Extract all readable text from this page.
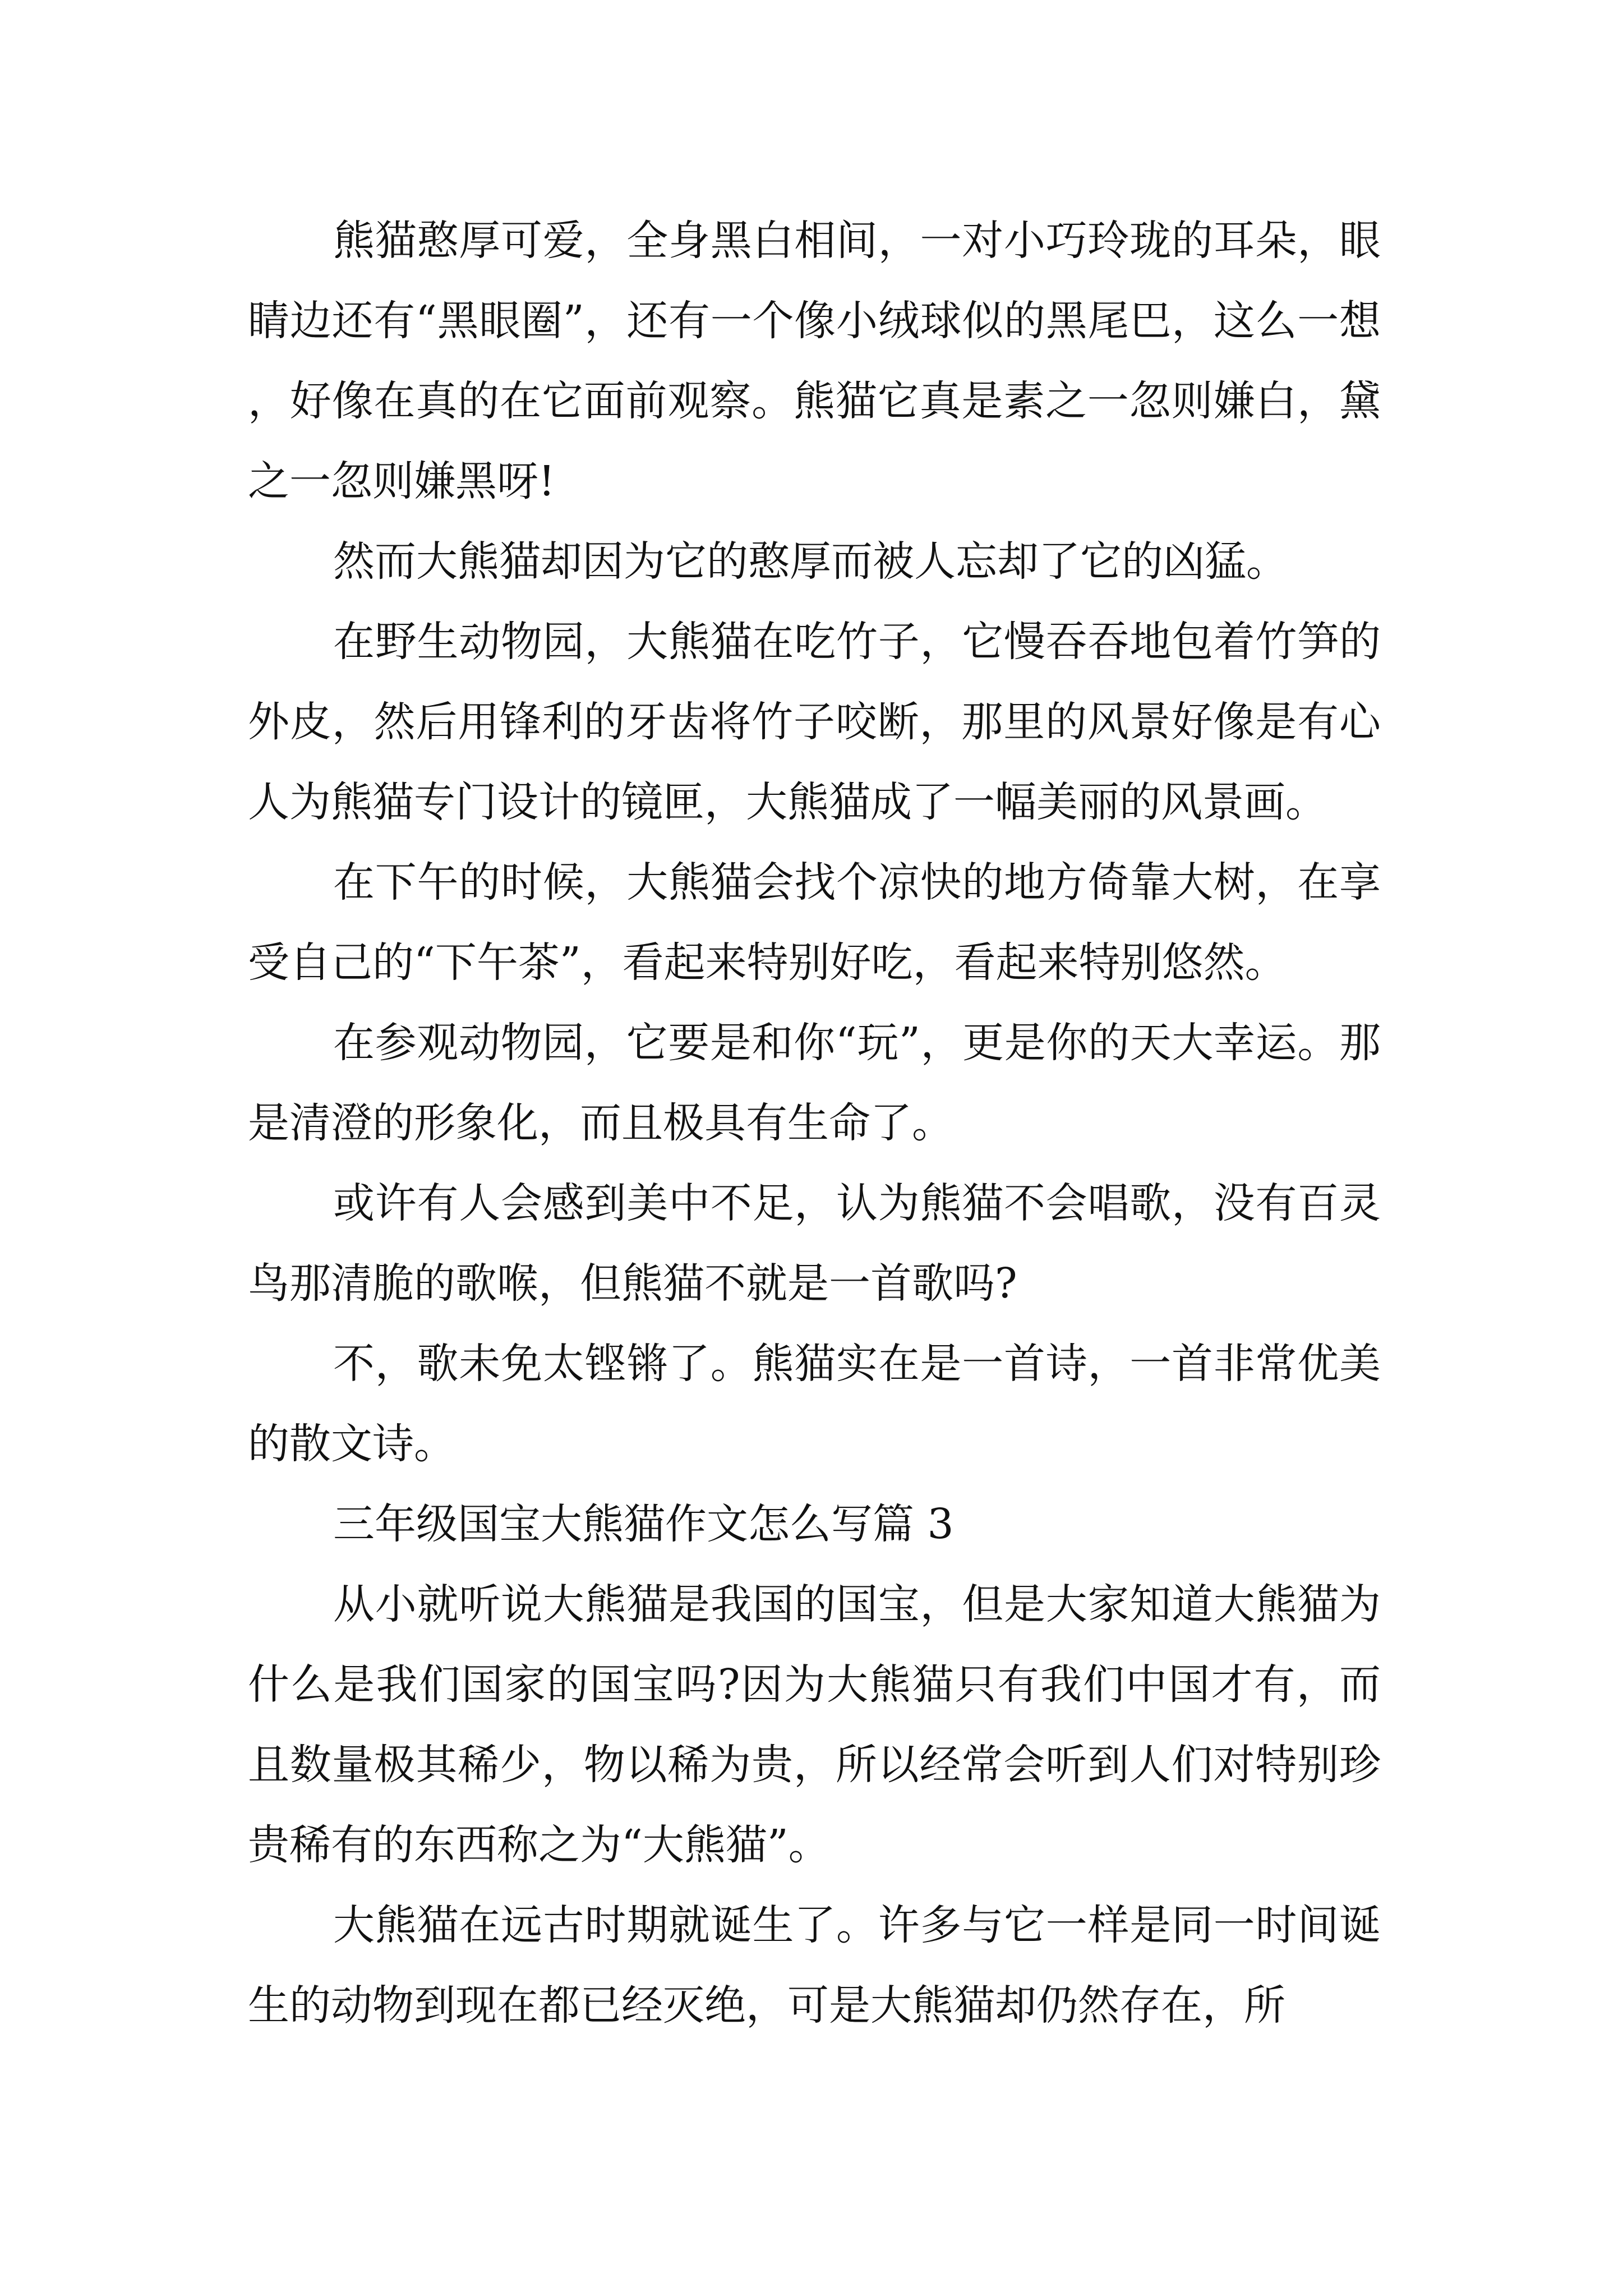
熊猫憨厚可爱，全身黑白相间，一对小巧玲珑的耳朵，眼睛边还有“黑眼圈”，还有一个像小绒球似的黑尾巴，这么一想，好像在真的在它面前观察。熊猫它真是素之一忽则嫌白，黛之一忽则嫌黑呀!

然而大熊猫却因为它的憨厚而被人忘却了它的凶猛。

在野生动物园，大熊猫在吃竹子，它慢吞吞地包着竹笋的外皮，然后用锋利的牙齿将竹子咬断，那里的风景好像是有心人为熊猫专门设计的镜匣，大熊猫成了一幅美丽的风景画。

在下午的时候，大熊猫会找个凉快的地方倚靠大树，在享受自己的“下午茶”，看起来特别好吃，看起来特别悠然。

在参观动物园，它要是和你“玩”，更是你的天大幸运。那是清澄的形象化，而且极具有生命了。

或许有人会感到美中不足，认为熊猫不会唱歌，没有百灵鸟那清脆的歌喉，但熊猫不就是一首歌吗?

不，歌未免太铿锵了。熊猫实在是一首诗，一首非常优美的散文诗。

三年级国宝大熊猫作文怎么写篇 3

从小就听说大熊猫是我国的国宝，但是大家知道大熊猫为什么是我们国家的国宝吗?因为大熊猫只有我们中国才有，而且数量极其稀少，物以稀为贵，所以经常会听到人们对特别珍贵稀有的东西称之为“大熊猫”。

大熊猫在远古时期就诞生了。许多与它一样是同一时间诞生的动物到现在都已经灭绝，可是大熊猫却仍然存在，所
